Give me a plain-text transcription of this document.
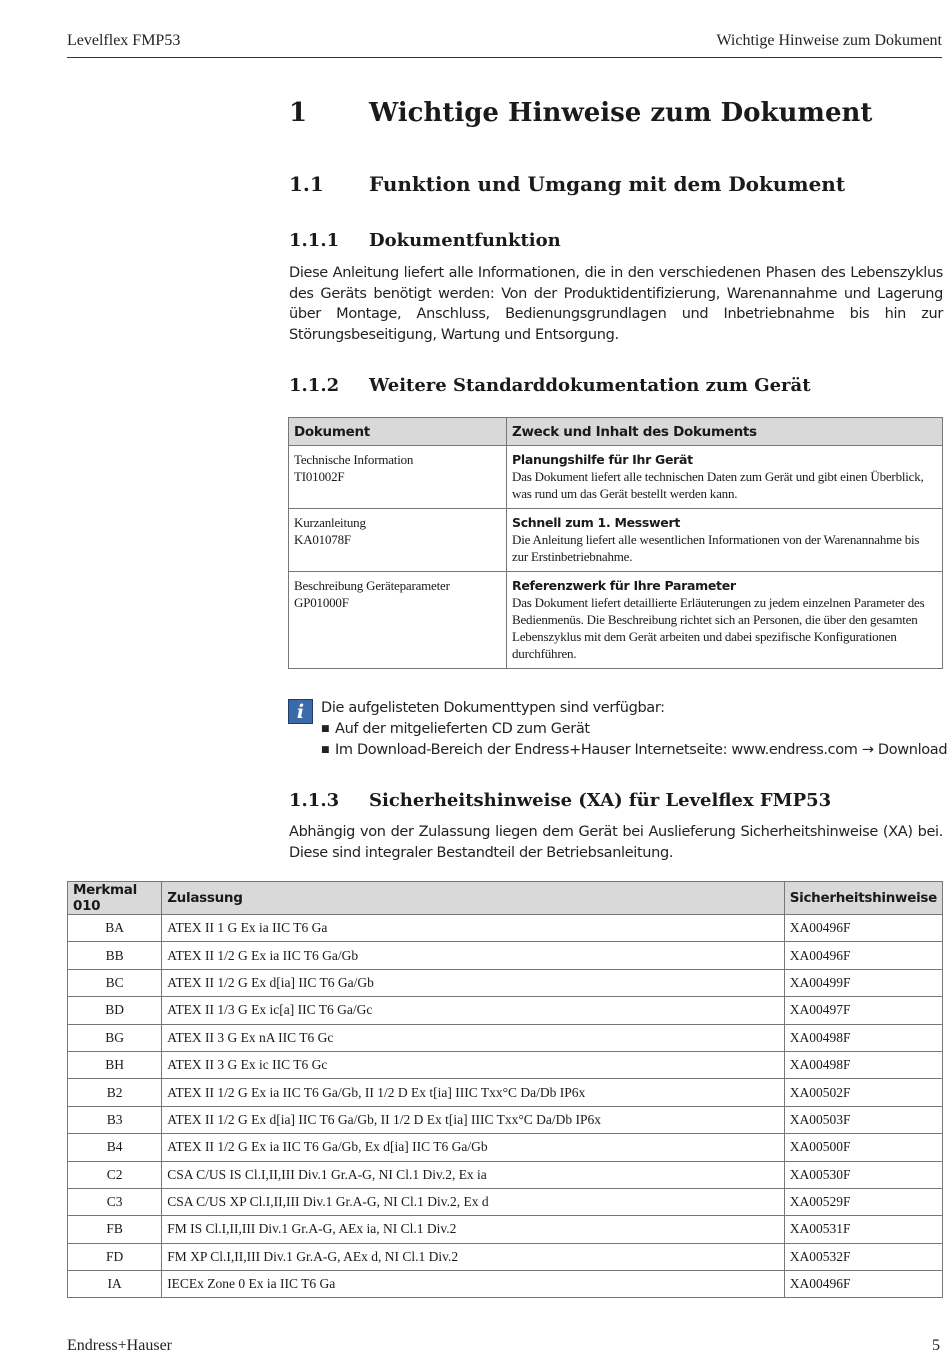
Levelflex FMP53	Wichtige Hinweise zum Dokument
1 Wichtige Hinweise zum Dokument
1.1 Funktion und Umgang mit dem Dokument
1.1.1 Dokumentfunktion
Diese Anleitung liefert alle Informationen, die in den verschiedenen Phasen des Lebenszyklus des Geräts benötigt werden: Von der Produktidentifizierung, Warenannahme und Lagerung über Montage, Anschluss, Bedienungsgrundlagen und Inbetriebnahme bis hin zur Störungsbeseitigung, Wartung und Entsorgung.
1.1.2 Weitere Standarddokumentation zum Gerät
Dokument	Zweck und Inhalt des Dokuments

Technische Information
TI01002F	Planungshilfe für Ihr Gerät
Das Dokument liefert alle technischen Daten zum Gerät und gibt einen Überblick, was rund um das Gerät bestellt werden kann.

Kurzanleitung
KA01078F	Schnell zum 1. Messwert
Die Anleitung liefert alle wesentlichen Informationen von der Warenannahme bis zur Erstinbetriebnahme.

Beschreibung Geräteparameter
GP01000F	Referenzwerk für Ihre Parameter
Das Dokument liefert detaillierte Erläuterungen zu jedem einzelnen Parameter des Bedienmenüs. Die Beschreibung richtet sich an Personen, die über den gesamten Lebenszyklus mit dem Gerät arbeiten und dabei spezifische Konfigurationen durchführen.
i	Die aufgelisteten Dokumenttypen sind verfügbar:
■ Auf der mitgelieferten CD zum Gerät
■ Im Download-Bereich der Endress+Hauser Internetseite: www.endress.com → Download
1.1.3 Sicherheitshinweise (XA) für Levelflex FMP53
Abhängig von der Zulassung liegen dem Gerät bei Auslieferung Sicherheitshinweise (XA) bei. Diese sind integraler Bestandteil der Betriebsanleitung.
Merkmal 010	Zulassung	Sicherheitshinweise
BA	ATEX II 1 G Ex ia IIC T6 Ga	XA00496F
BB	ATEX II 1/2 G Ex ia IIC T6 Ga/Gb	XA00496F
BC	ATEX II 1/2 G Ex d[ia] IIC T6 Ga/Gb	XA00499F
BD	ATEX II 1/3 G Ex ic[a] IIC T6 Ga/Gc	XA00497F
BG	ATEX II 3 G Ex nA IIC T6 Gc	XA00498F
BH	ATEX II 3 G Ex ic IIC T6 Gc	XA00498F
B2	ATEX II 1/2 G Ex ia IIC T6 Ga/Gb, II 1/2 D Ex t[ia] IIIC Txx°C Da/Db IP6x	XA00502F
B3	ATEX II 1/2 G Ex d[ia] IIC T6 Ga/Gb, II 1/2 D Ex t[ia] IIIC Txx°C Da/Db IP6x	XA00503F
B4	ATEX II 1/2 G Ex ia IIC T6 Ga/Gb, Ex d[ia] IIC T6 Ga/Gb	XA00500F
C2	CSA C/US IS Cl.I,II,III Div.1 Gr.A-G, NI Cl.1 Div.2, Ex ia	XA00530F
C3	CSA C/US XP Cl.I,II,III Div.1 Gr.A-G, NI Cl.1 Div.2, Ex d	XA00529F
FB	FM IS Cl.I,II,III Div.1 Gr.A-G, AEx ia, NI Cl.1 Div.2	XA00531F
FD	FM XP Cl.I,II,III Div.1 Gr.A-G, AEx d, NI Cl.1 Div.2	XA00532F
IA	IECEx Zone 0 Ex ia IIC T6 Ga	XA00496F
Endress+Hauser	5
